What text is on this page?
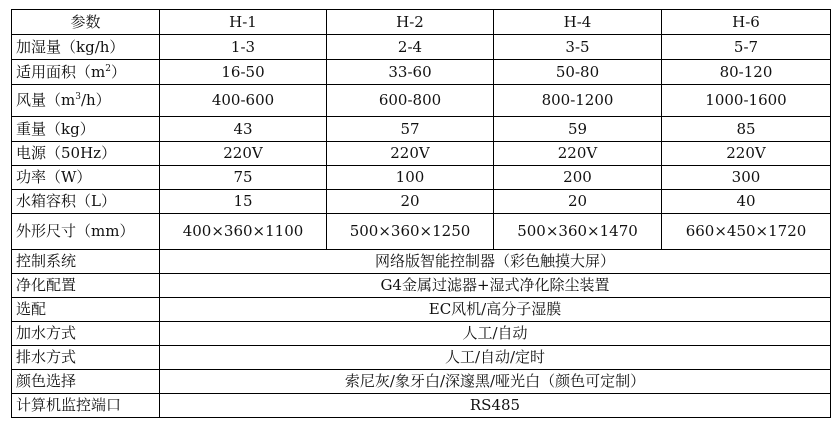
参数	H-1	H-2	H-4	H-6
加湿量（kg/h）	1-3	2-4	3-5	5-7
适用面积$(m^2)$	16-50	33-60	50-80	80-120
风量$(m^3/h)$	400-600	600-800	800-1200	1000-1600
重量（kg）	43	57	59	85
电源（50Hz）	220V	220V	220V	220V
功率（W）	75	100	200	300
水箱容积（L）	15	20	20	40
外形尺寸（mm）	400×360×1100	500×360×1250	500×360×1470	660×450×1720
控制系统	网络版智能控制器（彩色触摸大屏）			
净化配置	G4金属过滤器+湿式净化除尘装置			
选配	EC风机/高分子湿膜			
加水方式	人工/自动			
排水方式	人工/自动/定时			
颜色选择	索尼灰/象牙白/深邃黑/哑光白（颜色可定制）			
计算机监控端口	RS485			
